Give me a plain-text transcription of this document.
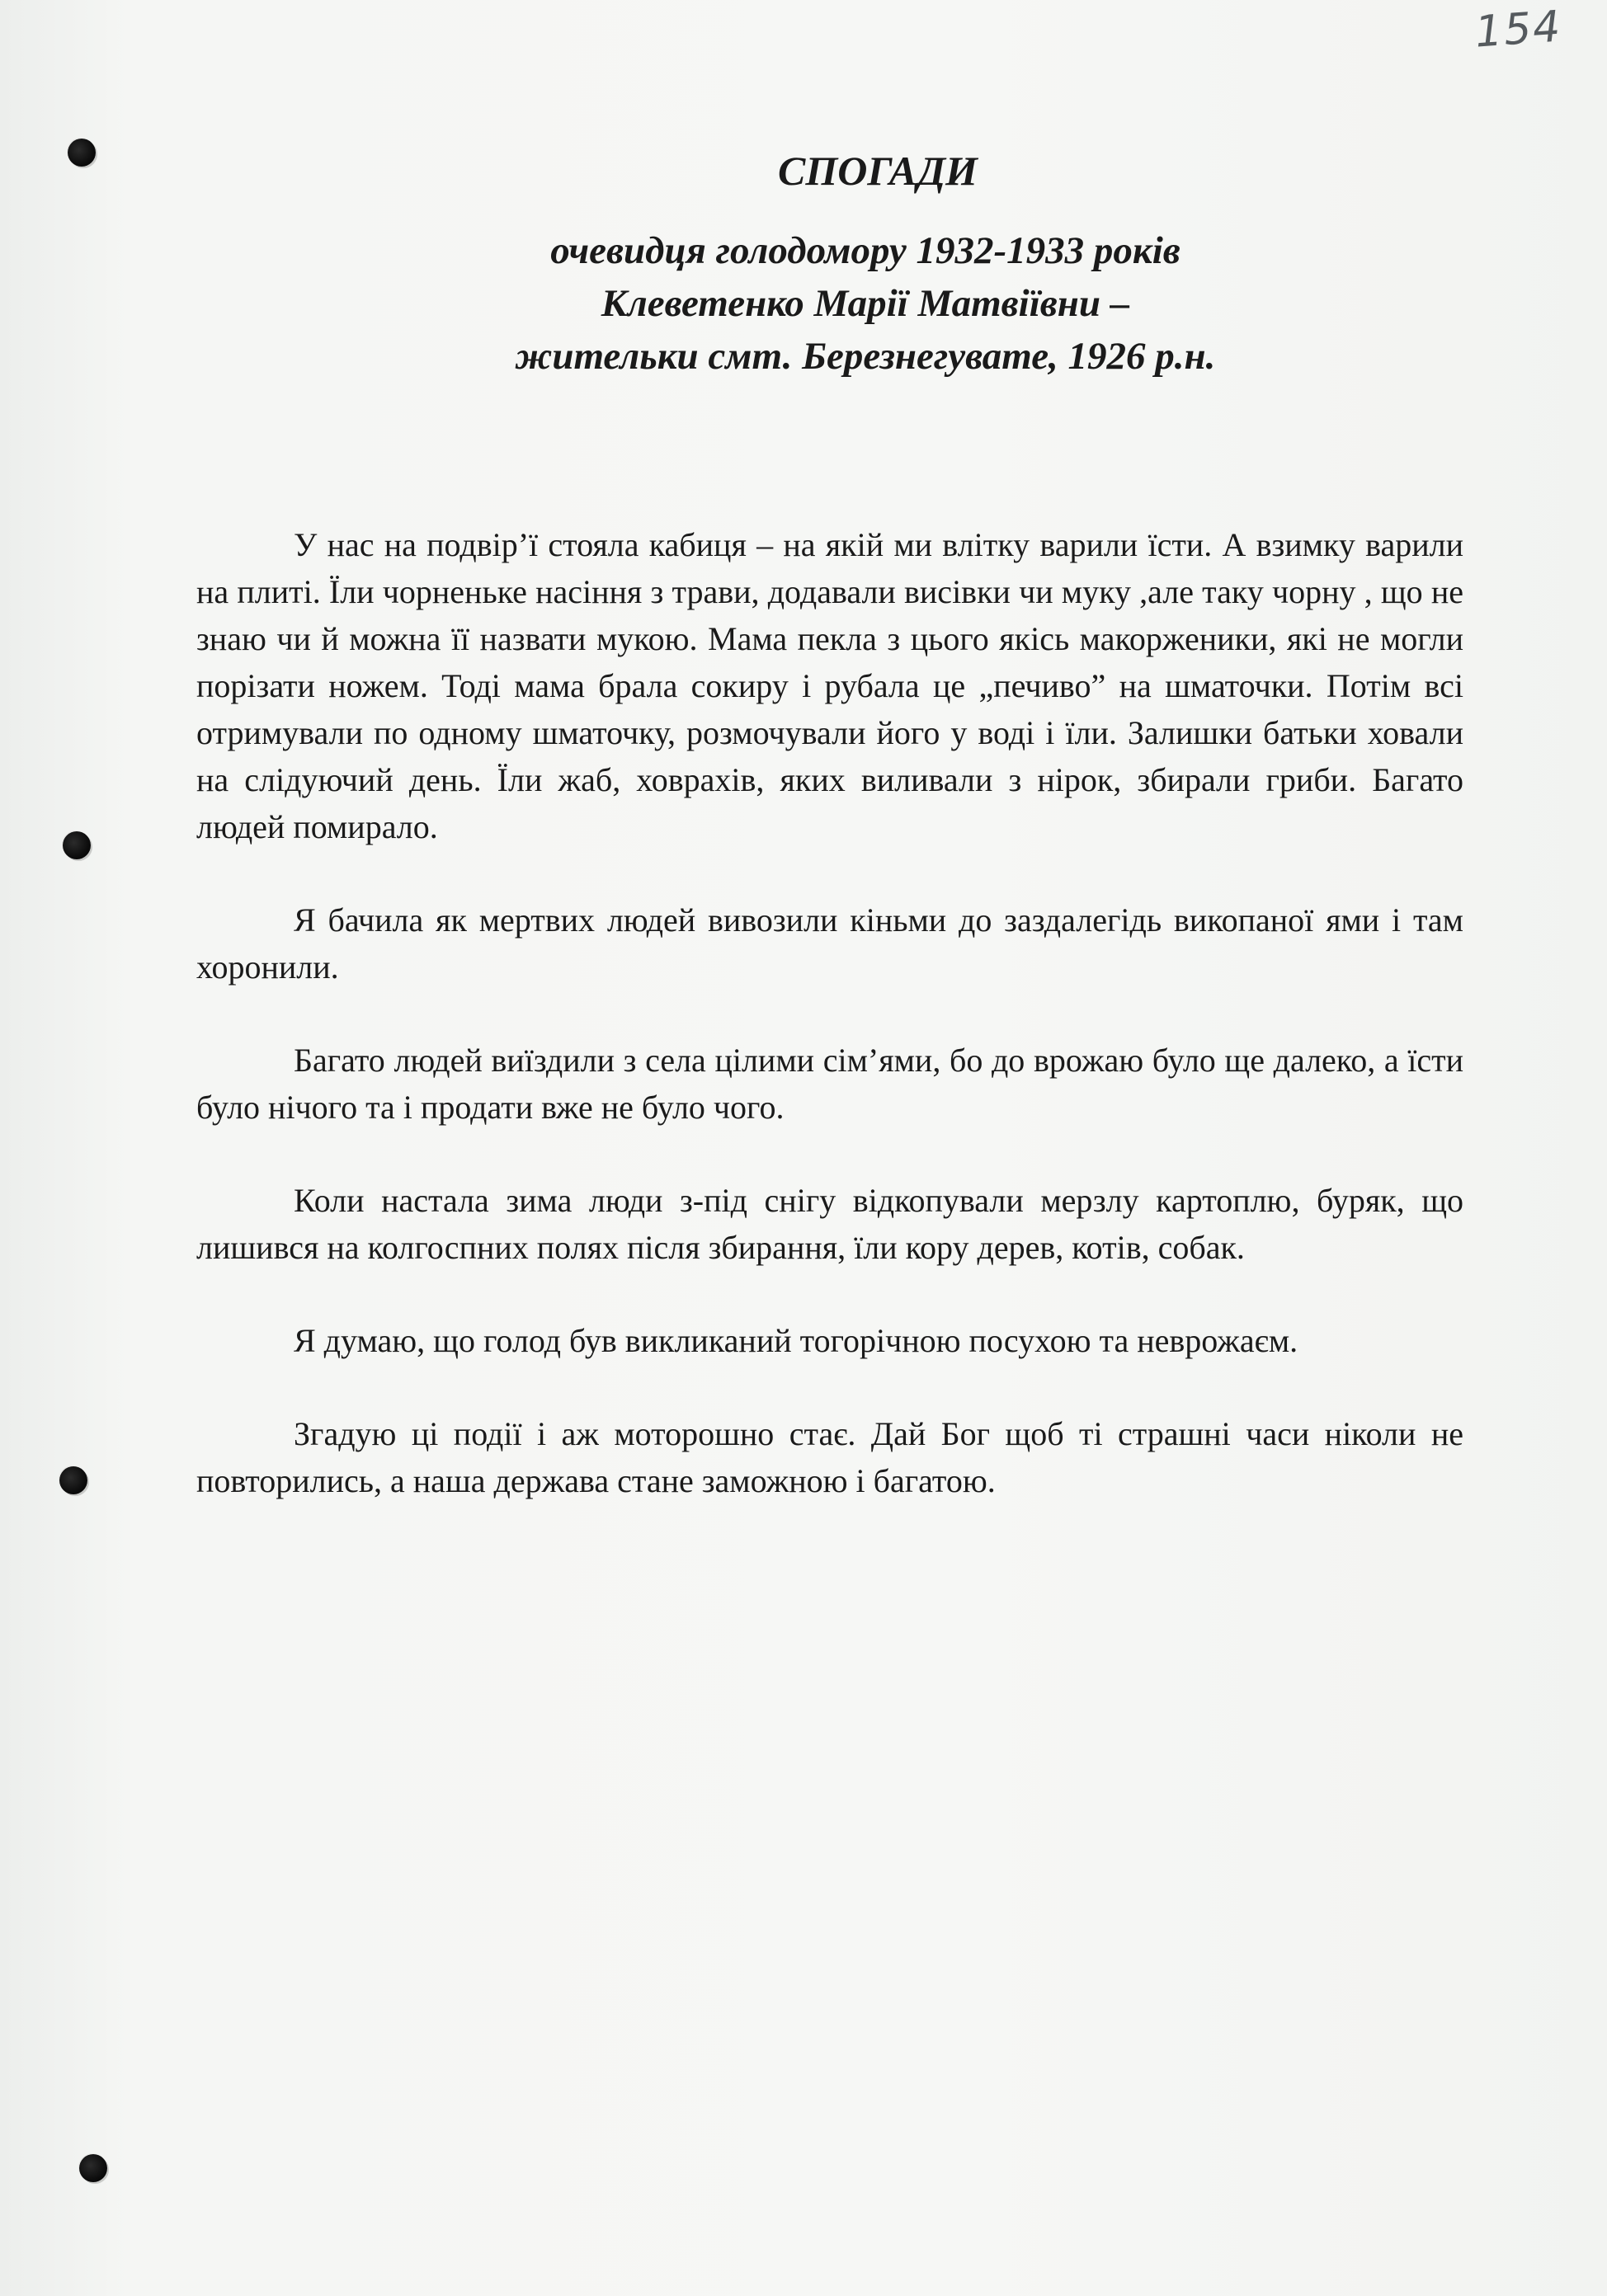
154
СПОГАДИ
очевидця голодомору 1932-1933 років
Клеветенко Марії Матвіївни –
жительки смт. Березнегувате, 1926 р.н.

У нас на подвір’ї стояла кабиця – на якій ми влітку варили їсти. А взимку варили на плиті. Їли чорненьке насіння з трави, додавали висівки чи муку ,але таку чорну , що не знаю чи й можна її назвати мукою. Мама пекла з цього якісь макорженики, які не могли порізати ножем. Тоді мама брала сокиру і рубала це „печиво” на шматочки. Потім всі отримували по одному шматочку, розмочували його у воді і їли. Залишки батьки ховали на слідуючий день. Їли жаб, ховрахів, яких виливали з нірок, збирали гриби. Багато людей помирало.

Я бачила як мертвих людей вивозили кіньми до заздалегідь викопаної ями і там хоронили.

Багато людей виїздили з села цілими сім’ями, бо до врожаю було ще далеко, а їсти було нічого та і продати вже не було чого.

Коли настала зима люди з-під снігу відкопували мерзлу картоплю, буряк, що лишився на колгоспних полях після збирання, їли кору дерев, котів, собак.

Я думаю, що голод був викликаний тогорічною посухою та неврожаєм.

Згадую ці події і аж моторошно стає. Дай Бог щоб ті страшні часи ніколи не повторились, а наша держава стане заможною і багатою.
